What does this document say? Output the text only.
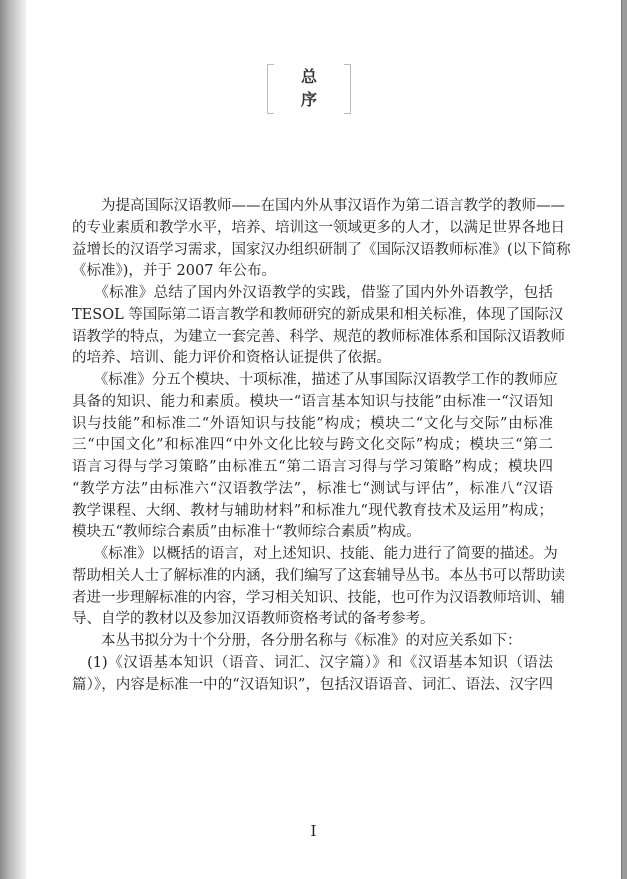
总 序
　　为提高国际汉语教师——在国内外从事汉语作为第二语言教学的教师——
的专业素质和教学水平，培养、培训这一领域更多的人才，以满足世界各地日
益增长的汉语学习需求，国家汉办组织研制了《国际汉语教师标准》(以下简称
《标准》)，并于 2007 年公布。
　　《标准》总结了国内外汉语教学的实践，借鉴了国内外外语教学，包括
TESOL 等国际第二语言教学和教师研究的新成果和相关标准，体现了国际汉
语教学的特点，为建立一套完善、科学、规范的教师标准体系和国际汉语教师
的培养、培训、能力评价和资格认证提供了依据。
　　《标准》分五个模块、十项标准，描述了从事国际汉语教学工作的教师应
具备的知识、能力和素质。模块一“语言基本知识与技能”由标准一“汉语知
识与技能”和标准二“外语知识与技能”构成；模块二“文化与交际”由标准
三“中国文化”和标准四“中外文化比较与跨文化交际”构成；模块三“第二
语言习得与学习策略”由标准五“第二语言习得与学习策略”构成；模块四
“教学方法”由标准六“汉语教学法”，标准七“测试与评估”，标准八“汉语
教学课程、大纲、教材与辅助材料”和标准九“现代教育技术及运用”构成；
模块五“教师综合素质”由标准十“教师综合素质”构成。
　　《标准》以概括的语言，对上述知识、技能、能力进行了简要的描述。为
帮助相关人士了解标准的内涵，我们编写了这套辅导丛书。本丛书可以帮助读
者进一步理解标准的内容，学习相关知识、技能，也可作为汉语教师培训、辅
导、自学的教材以及参加汉语教师资格考试的备考参考。
　　本丛书拟分为十个分册，各分册名称与《标准》的对应关系如下：
　(1)《汉语基本知识（语音、词汇、汉字篇）》和《汉语基本知识（语法
篇）》，内容是标准一中的“汉语知识”，包括汉语语音、词汇、语法、汉字四
I
